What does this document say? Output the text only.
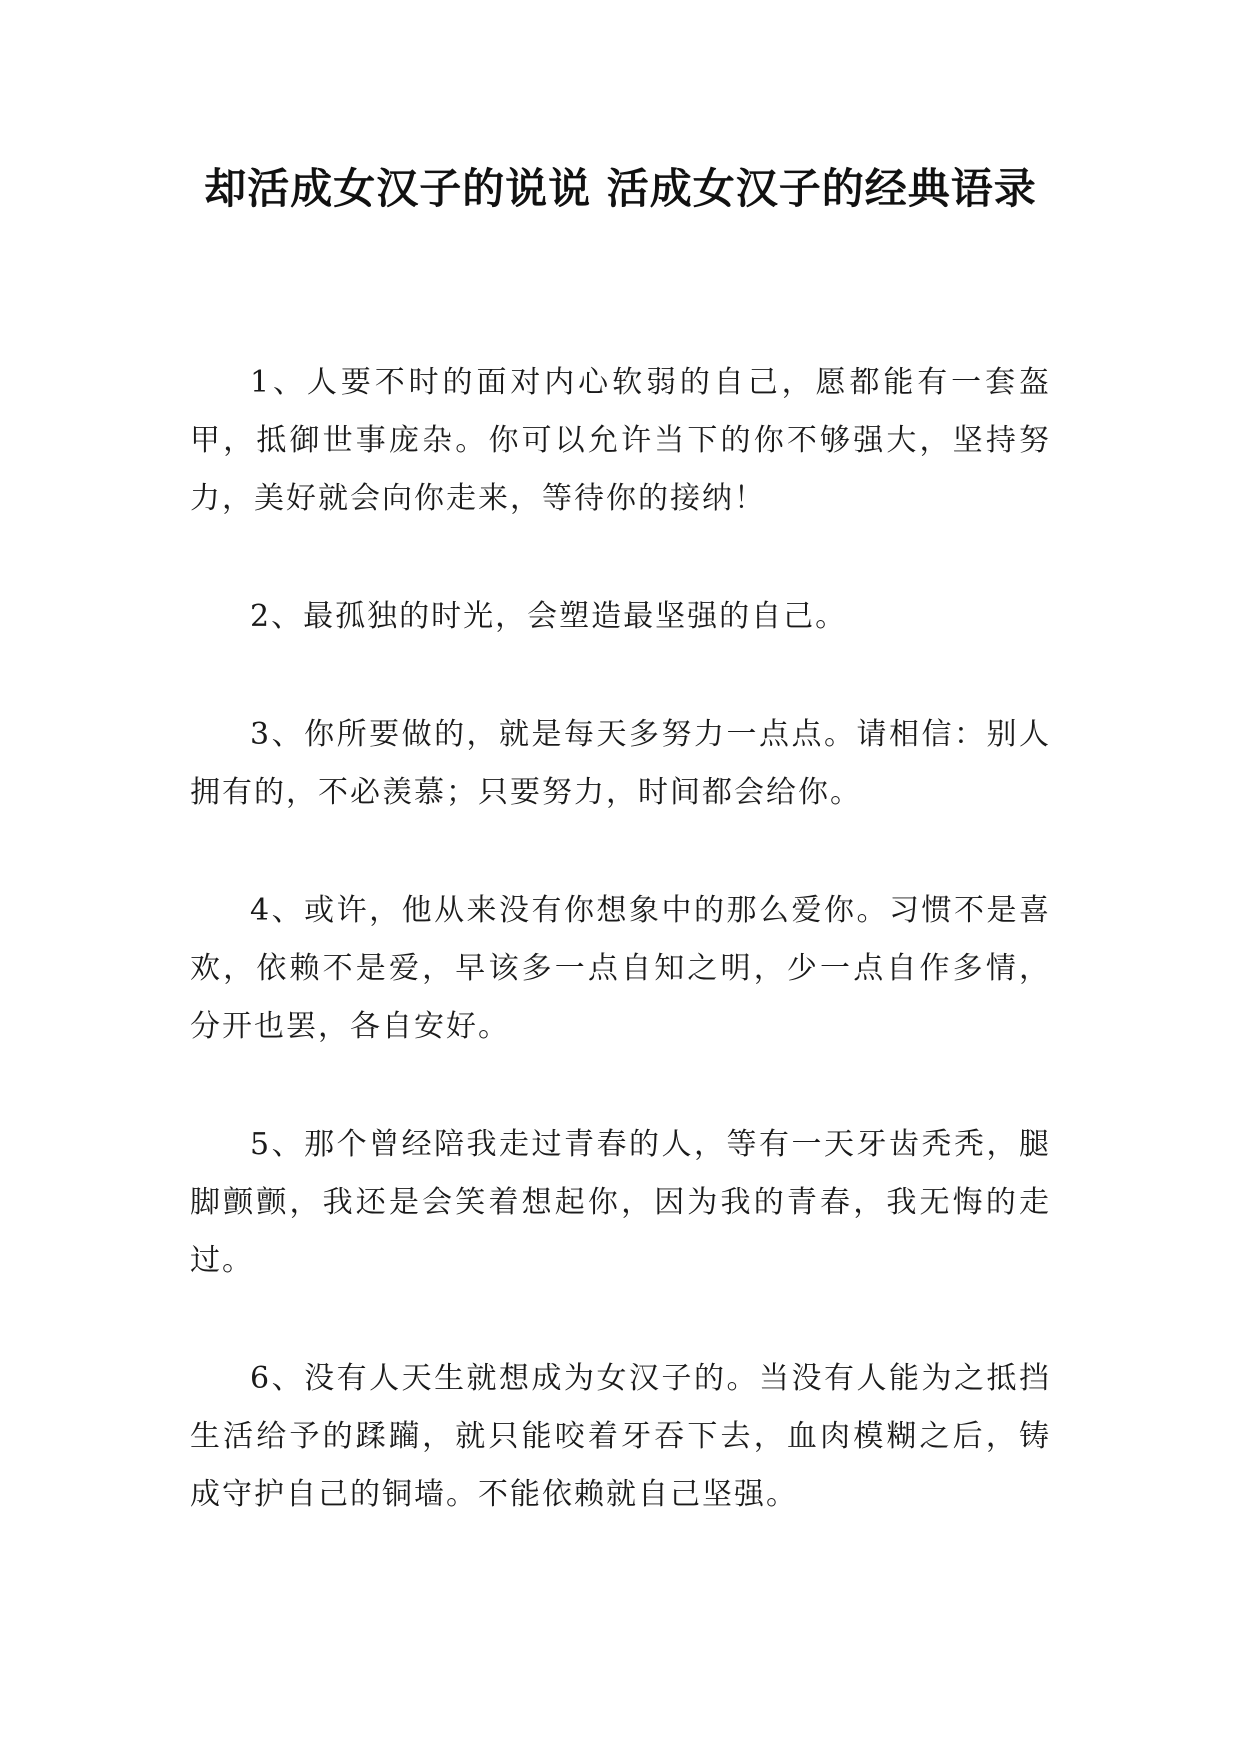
却活成女汉子的说说 活成女汉子的经典语录

1、人要不时的面对内心软弱的自己，愿都能有一套盔甲，抵御世事庞杂。你可以允许当下的你不够强大，坚持努力，美好就会向你走来，等待你的接纳！

2、最孤独的时光，会塑造最坚强的自己。

3、你所要做的，就是每天多努力一点点。请相信：别人拥有的，不必羡慕；只要努力，时间都会给你。

4、或许，他从来没有你想象中的那么爱你。习惯不是喜欢，依赖不是爱，早该多一点自知之明，少一点自作多情，分开也罢，各自安好。

5、那个曾经陪我走过青春的人，等有一天牙齿秃秃，腿脚颤颤，我还是会笑着想起你，因为我的青春，我无悔的走过。

6、没有人天生就想成为女汉子的。当没有人能为之抵挡生活给予的蹂躏，就只能咬着牙吞下去，血肉模糊之后，铸成守护自己的铜墙。不能依赖就自己坚强。
